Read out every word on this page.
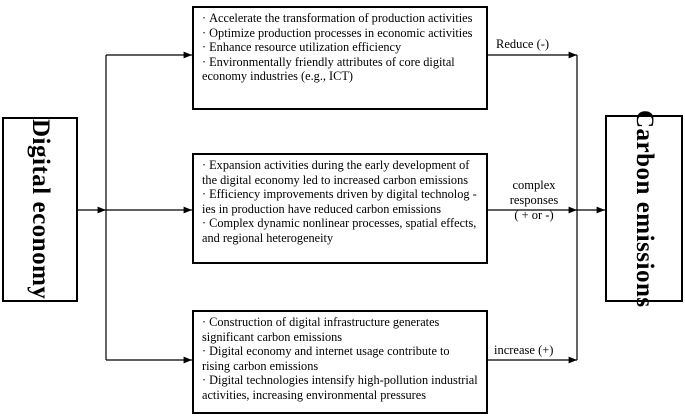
Digital economy	Carbon emissions
· Accelerate the transformation of production activities
· Optimize production processes in economic activities
· Enhance resource utilization efficiency
· Environmentally friendly attributes of core digital economy industries (e.g., ICT)
· Expansion activities during the early development of the digital economy led to increased carbon emissions
· Efficiency improvements driven by digital technolog -ies in production have reduced carbon emissions
· Complex dynamic nonlinear processes, spatial effects, and regional heterogeneity
· Construction of digital infrastructure generates significant carbon emissions
· Digital economy and internet usage contribute to rising carbon emissions
· Digital technologies intensify high-pollution industrial activities, increasing environmental pressures
Reduce (-)
complex
responses
( + or -)
increase (+)
